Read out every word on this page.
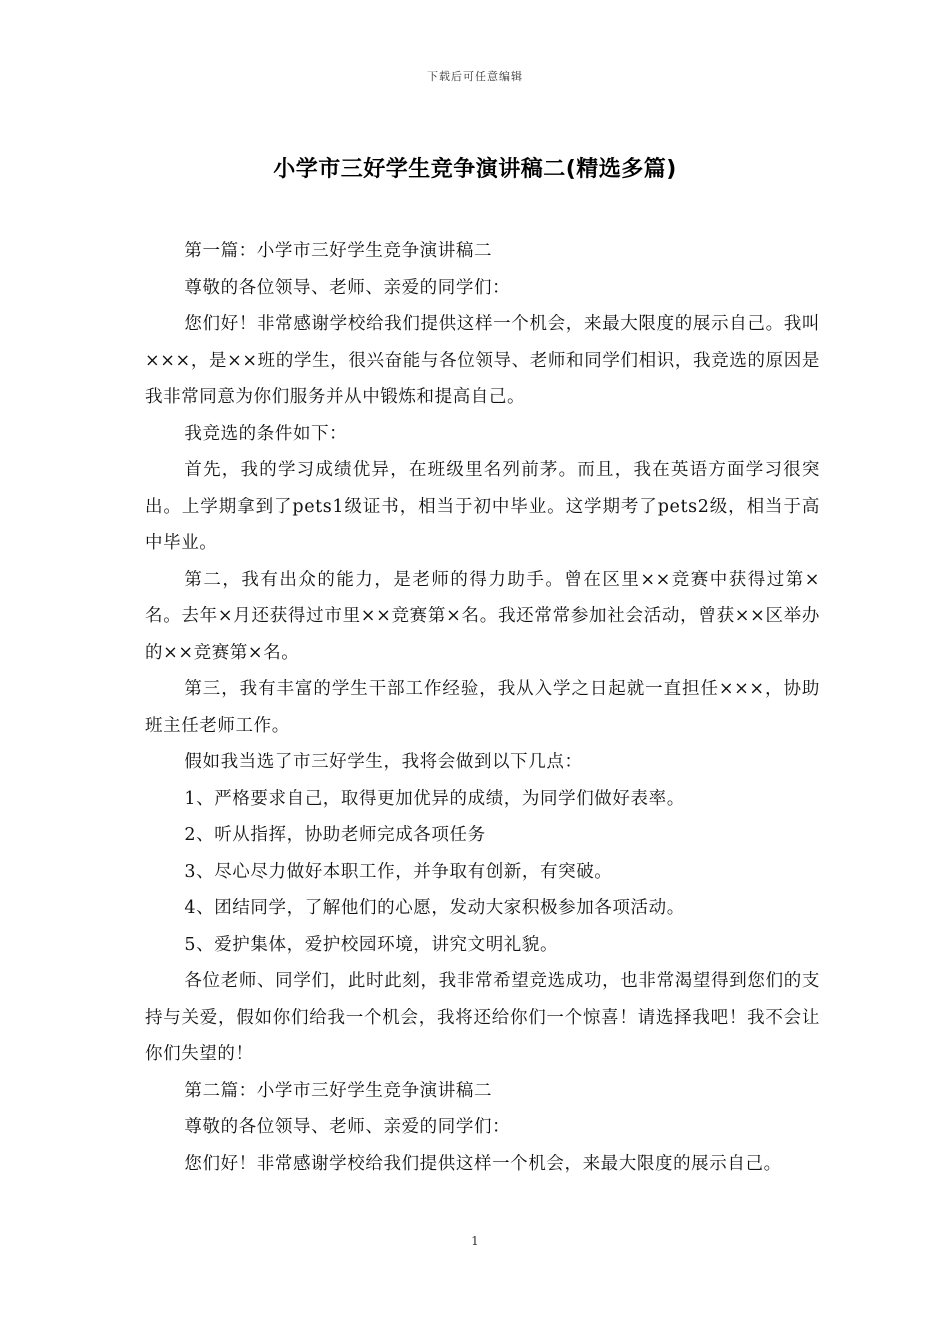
下载后可任意编辑
小学市三好学生竞争演讲稿二(精选多篇)

第一篇：小学市三好学生竞争演讲稿二

尊敬的各位领导、老师、亲爱的同学们：

您们好！非常感谢学校给我们提供这样一个机会，来最大限度的展示自己。我叫×××，是××班的学生，很兴奋能与各位领导、老师和同学们相识，我竞选的原因是我非常同意为你们服务并从中锻炼和提高自己。

我竞选的条件如下：

首先，我的学习成绩优异，在班级里名列前茅。而且，我在英语方面学习很突出。上学期拿到了pets1级证书，相当于初中毕业。这学期考了pets2级，相当于高中毕业。

第二，我有出众的能力，是老师的得力助手。曾在区里××竞赛中获得过第×名。去年×月还获得过市里××竞赛第×名。我还常常参加社会活动，曾获××区举办的××竞赛第×名。

第三，我有丰富的学生干部工作经验，我从入学之日起就一直担任×××，协助班主任老师工作。

假如我当选了市三好学生，我将会做到以下几点：

1、严格要求自己，取得更加优异的成绩，为同学们做好表率。

2、听从指挥，协助老师完成各项任务

3、尽心尽力做好本职工作，并争取有创新，有突破。

4、团结同学，了解他们的心愿，发动大家积极参加各项活动。

5、爱护集体，爱护校园环境，讲究文明礼貌。

各位老师、同学们，此时此刻，我非常希望竞选成功，也非常渴望得到您们的支持与关爱，假如你们给我一个机会，我将还给你们一个惊喜！请选择我吧！我不会让你们失望的！

第二篇：小学市三好学生竞争演讲稿二

尊敬的各位领导、老师、亲爱的同学们：

您们好！非常感谢学校给我们提供这样一个机会，来最大限度的展示自己。

1
